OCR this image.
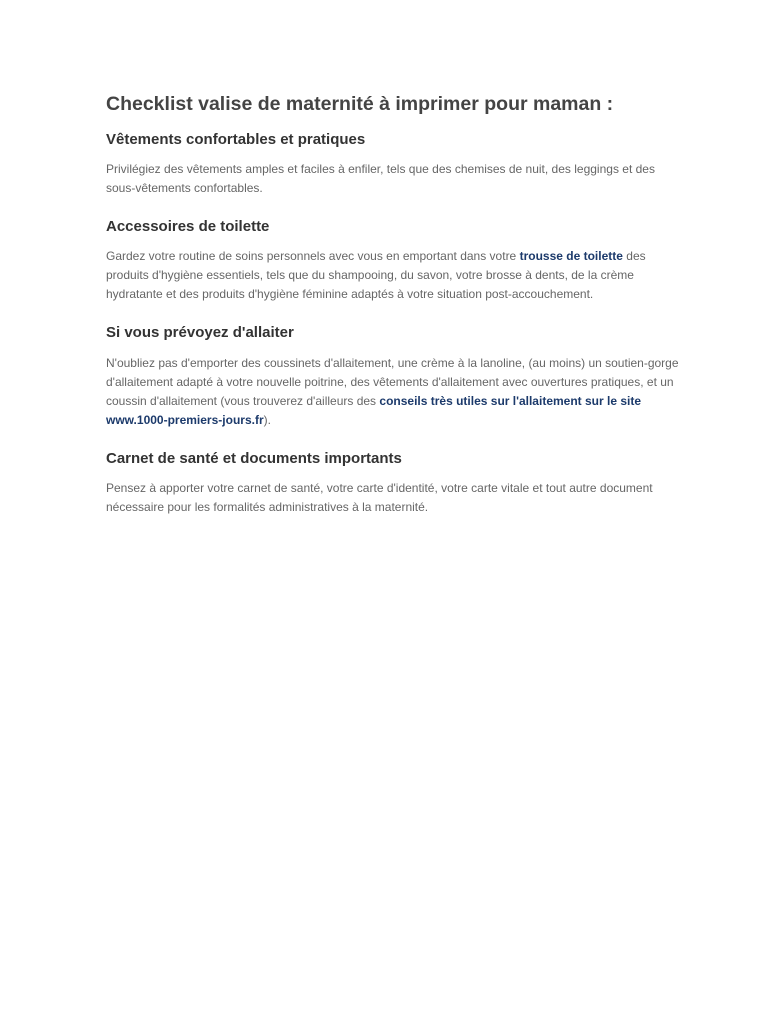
Checklist valise de maternité à imprimer pour maman :
Vêtements confortables et pratiques

Privilégiez des vêtements amples et faciles à enfiler, tels que des chemises de nuit, des leggings et des
sous-vêtements confortables.

Accessoires de toilette

Gardez votre routine de soins personnels avec vous en emportant dans votre trousse de toilette des
produits d'hygiène essentiels, tels que du shampooing, du savon, votre brosse à dents, de la crème
hydratante et des produits d'hygiène féminine adaptés à votre situation post-accouchement.

Si vous prévoyez d'allaiter

N'oubliez pas d'emporter des coussinets d'allaitement, une crème à la lanoline, (au moins) un soutien-gorge
d'allaitement adapté à votre nouvelle poitrine, des vêtements d'allaitement avec ouvertures pratiques, et un
coussin d'allaitement (vous trouverez d'ailleurs des conseils très utiles sur l'allaitement sur le site
www.1000-premiers-jours.fr).

Carnet de santé et documents importants

Pensez à apporter votre carnet de santé, votre carte d'identité, votre carte vitale et tout autre document
nécessaire pour les formalités administratives à la maternité.
